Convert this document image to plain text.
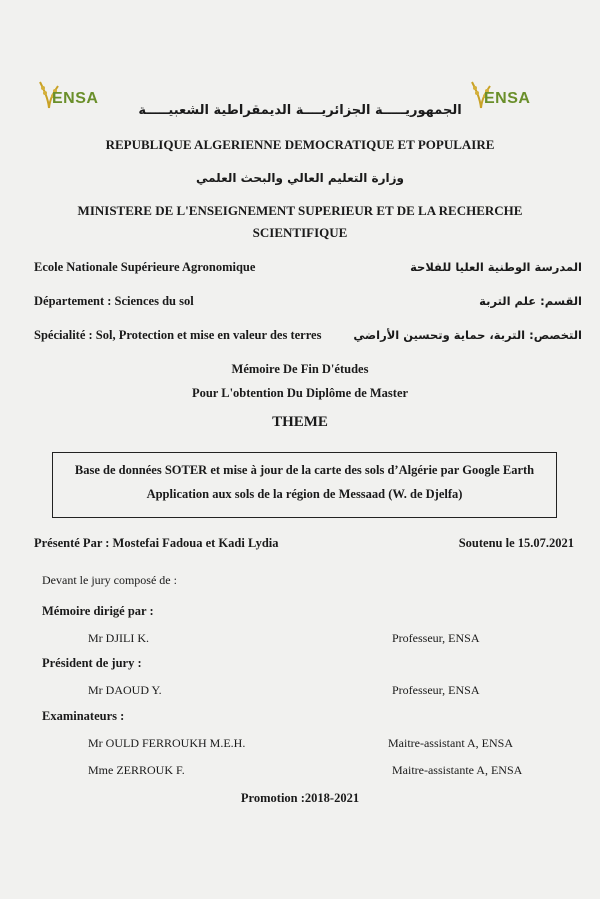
ENSA	ENSA
الجمهوريـــــة الجزائريــــة الديمقراطية الشعبيـــــة
REPUBLIQUE ALGERIENNE DEMOCRATIQUE ET POPULAIRE
وزارة التعليم العالي والبحث العلمي
MINISTERE DE L'ENSEIGNEMENT SUPERIEUR ET DE LA RECHERCHE
SCIENTIFIQUE
Ecole Nationale Supérieure Agronomique	المدرسة الوطنية العليا للفلاحة
Département : Sciences du sol	القسم: علم التربة
Spécialité : Sol, Protection et mise en valeur des terres	التخصص: التربة، حماية وتحسين الأراضي
Mémoire De Fin D'études
Pour L'obtention Du Diplôme de Master
THEME
Base de données SOTER et mise à jour de la carte des sols d’Algérie par Google Earth
Application aux sols de la région de Messaad (W. de Djelfa)
Présenté Par : Mostefai Fadoua et Kadi Lydia	Soutenu le 15.07.2021
Devant le jury composé de :
Mémoire dirigé par :
Mr DJILI K.	Professeur, ENSA
Président de jury :
Mr DAOUD Y.	Professeur, ENSA
Examinateurs :
Mr OULD FERROUKH M.E.H.	Maitre-assistant A, ENSA
Mme ZERROUK F.	Maitre-assistante A, ENSA
Promotion :2018-2021
